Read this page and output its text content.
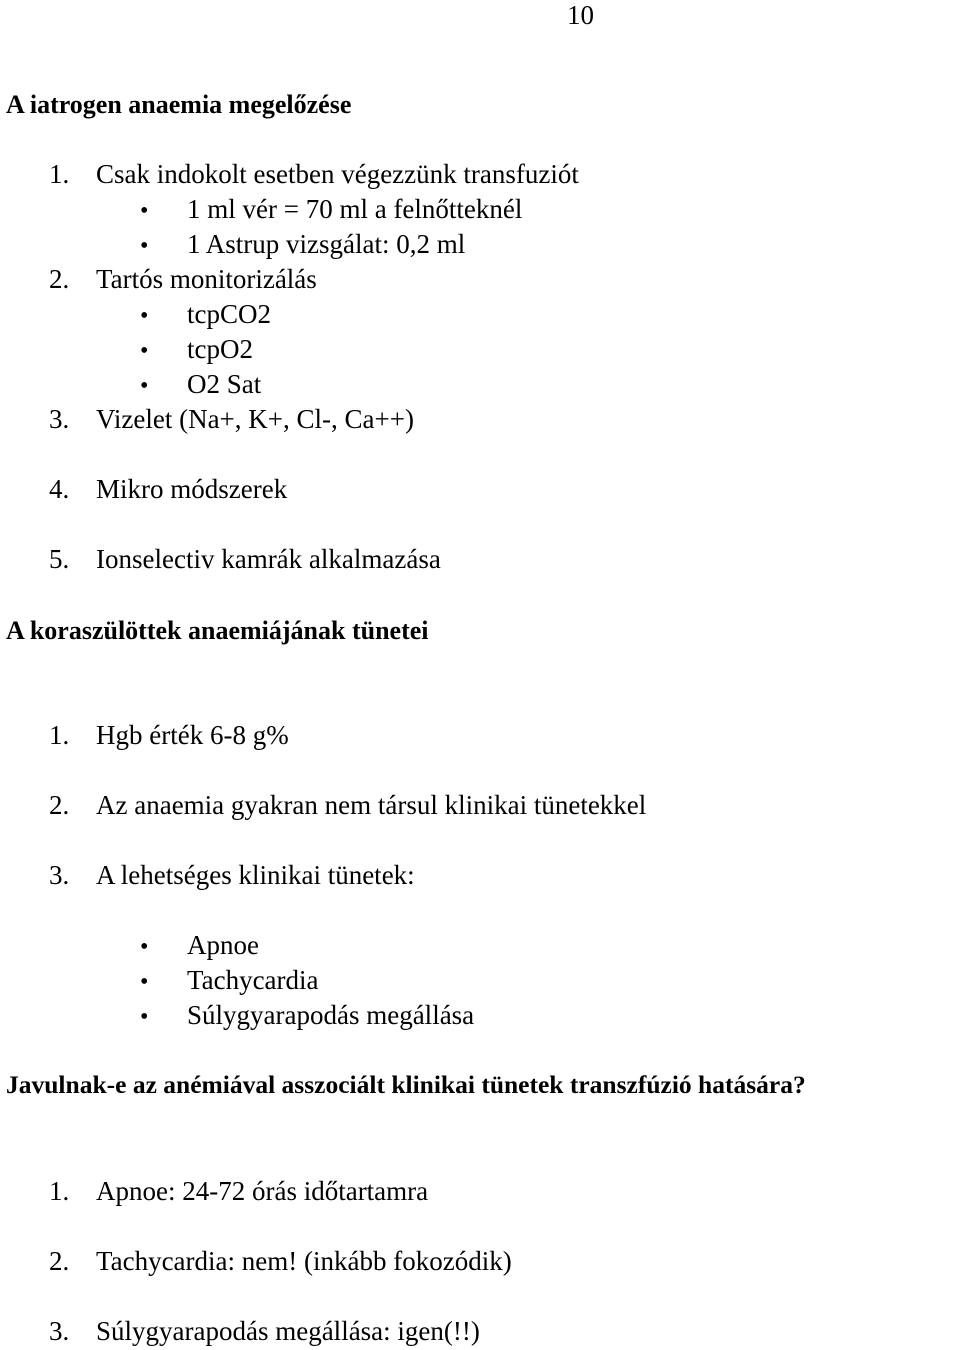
10
A iatrogen anaemia megelőzése
1. Csak indokolt esetben végezzünk transfuziót
• 1 ml vér = 70 ml a felnőtteknél
• 1 Astrup vizsgálat: 0,2 ml
2. Tartós monitorizálás
• tcpCO2
• tcpO2
• O2 Sat
3. Vizelet (Na+, K+, Cl-, Ca++)
4. Mikro módszerek
5. Ionselectiv kamrák alkalmazása
A koraszülöttek anaemiájának tünetei
1. Hgb érték 6-8 g%
2. Az anaemia gyakran nem társul klinikai tünetekkel
3. A lehetséges klinikai tünetek:
• Apnoe
• Tachycardia
• Súlygyarapodás megállása
Javulnak-e az anémiával asszociált klinikai tünetek transzfúzió hatására?
1. Apnoe: 24-72 órás időtartamra
2. Tachycardia: nem! (inkább fokozódik)
3. Súlygyarapodás megállása: igen(!!)
